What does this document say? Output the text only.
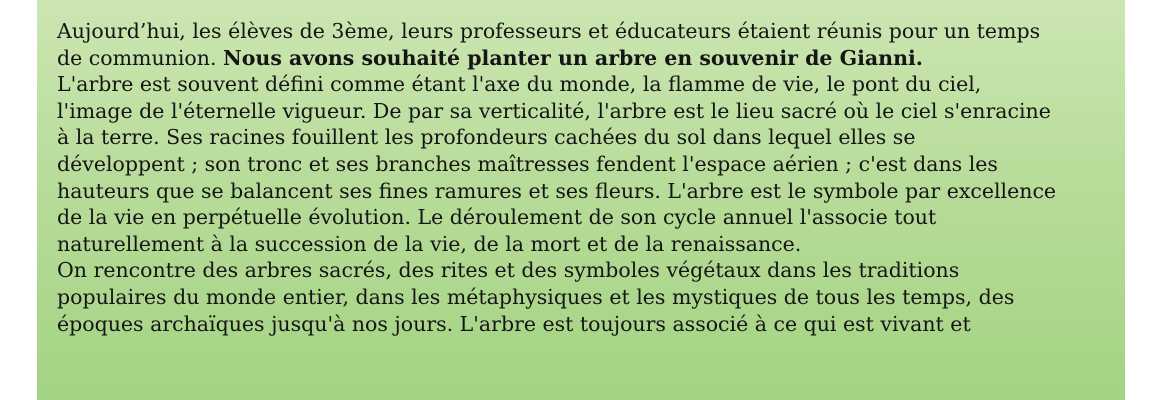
Aujourd’hui, les élèves de 3ème, leurs professeurs et éducateurs étaient réunis pour un temps
de communion. Nous avons souhaité planter un arbre en souvenir de Gianni.
L'arbre est souvent défini comme étant l'axe du monde, la flamme de vie, le pont du ciel,
l'image de l'éternelle vigueur. De par sa verticalité, l'arbre est le lieu sacré où le ciel s'enracine
à la terre. Ses racines fouillent les profondeurs cachées du sol dans lequel elles se
développent ; son tronc et ses branches maîtresses fendent l'espace aérien ; c'est dans les
hauteurs que se balancent ses fines ramures et ses fleurs. L'arbre est le symbole par excellence
de la vie en perpétuelle évolution. Le déroulement de son cycle annuel l'associe tout
naturellement à la succession de la vie, de la mort et de la renaissance.
On rencontre des arbres sacrés, des rites et des symboles végétaux dans les traditions
populaires du monde entier, dans les métaphysiques et les mystiques de tous les temps, des
époques archaïques jusqu'à nos jours. L'arbre est toujours associé à ce qui est vivant et
